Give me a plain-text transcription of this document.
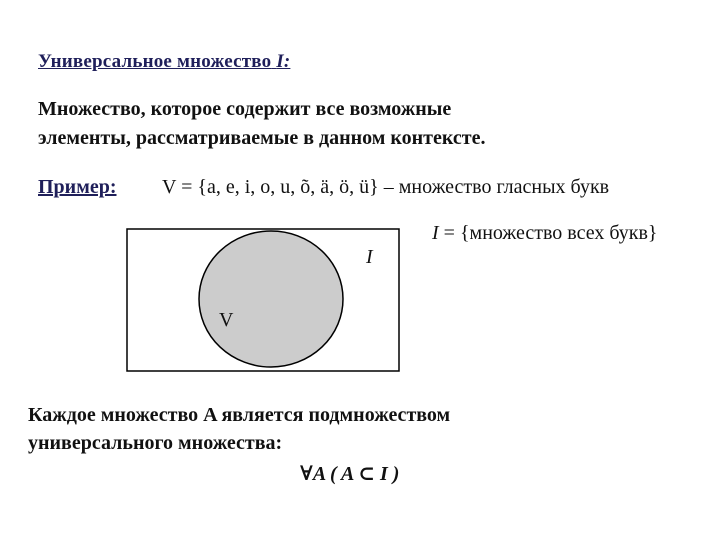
Универсальное множество I:
Множество, которое содержит все возможные
элементы, рассматриваемые в данном контексте.
Пример: V = {a, e, i, o, u, õ, ä, ö, ü} – множество гласных букв
I = {множество всех букв}
I
V
Каждое множество A является подмножеством
универсального множества:
∀A ( A ⊂ I )
